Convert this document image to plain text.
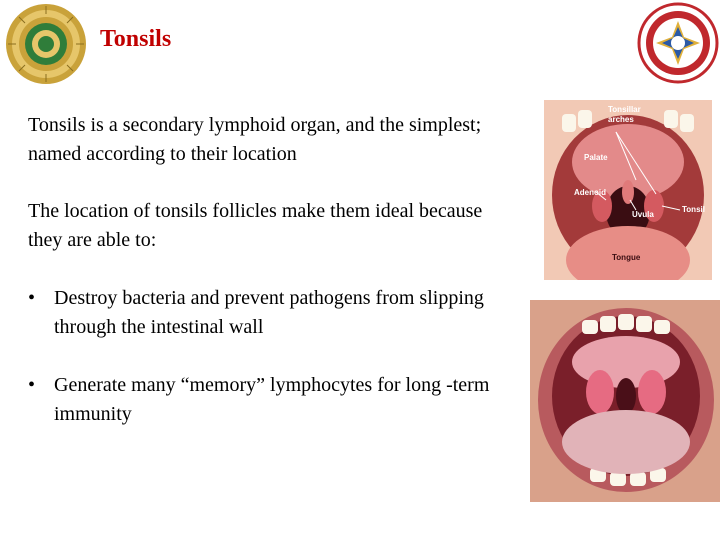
Tonsils
Tonsils is a secondary lymphoid organ, and the simplest; named according to their location
The location of tonsils follicles make them ideal because they are able to:
• Destroy bacteria and prevent pathogens from slipping through the intestinal wall
• Generate many “memory” lymphocytes for long -term immunity
Tonsillar
arches
Palate
Adenoid
Uvula
Tonsil
Tongue
